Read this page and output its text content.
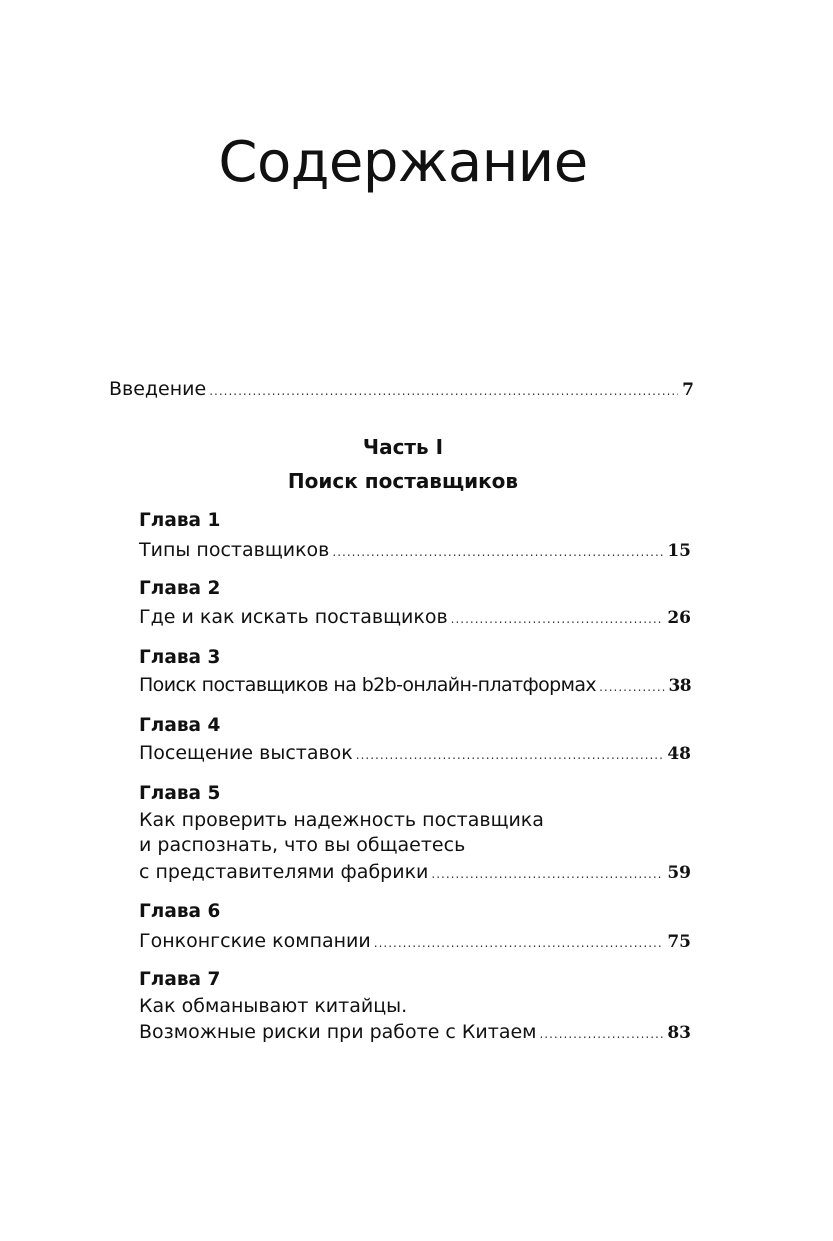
Содержание
Введение .....	7
Часть I
Поиск поставщиков
Глава 1
Типы поставщиков .....	15
Глава 2
Где и как искать поставщиков .....	26
Глава 3
Поиск поставщиков на b2b-онлайн-платформах .....	38
Глава 4
Посещение выставок .....	48
Глава 5
Как проверить надежность поставщика
и распознать, что вы общаетесь
с представителями фабрики .....	59
Глава 6
Гонконгские компании .....	75
Глава 7
Как обманывают китайцы.
Возможные риски при работе с Китаем .....	83
